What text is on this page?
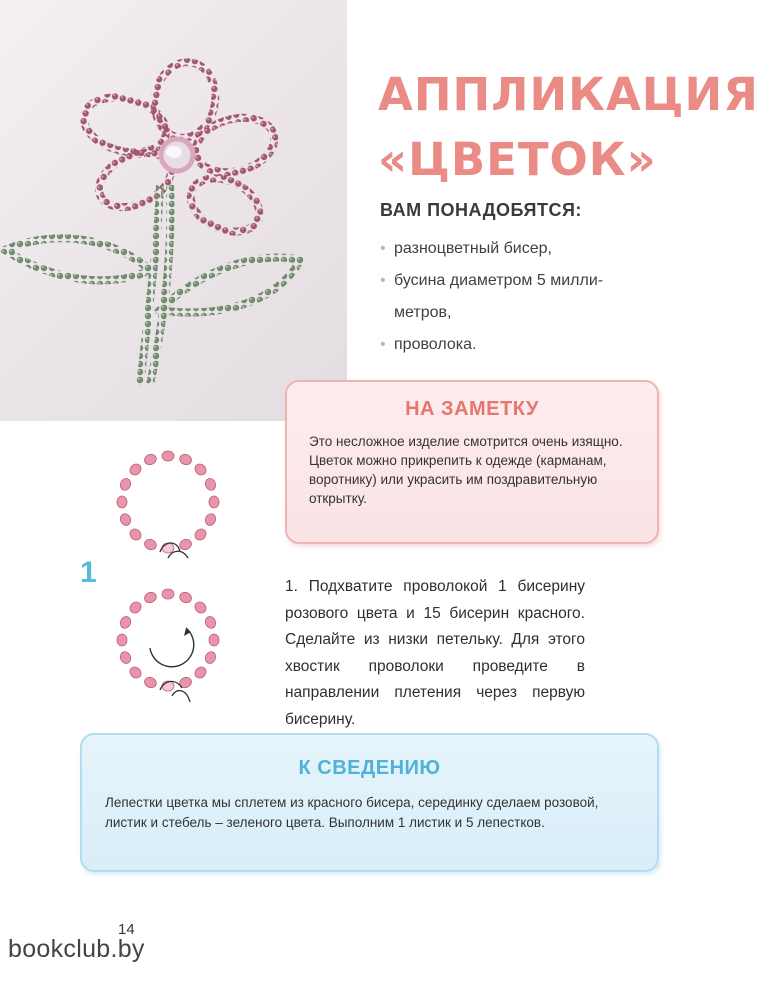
АППЛИКАЦИЯ
«ЦВЕТОК»
ВАМ ПОНАДОБЯТСЯ:
• разноцветный бисер,
• бусина диаметром 5 милли-
метров,
• проволока.
НА ЗАМЕТКУ
Это несложное изделие смотрится очень изящно. Цветок можно прикрепить к одежде (карманам, воротнику) или украсить им поздравительную открытку.
1	1. Подхватите проволокой 1 бисерину розового цвета и 15 бисерин красного. Сделайте из низки петельку. Для этого хвостик проволоки проведите в направлении плетения через первую бисерину.
К СВЕДЕНИЮ
Лепестки цветка мы сплетем из красного бисера, серединку сделаем розовой, листик и стебель – зеленого цвета. Выполним 1 листик и 5 лепестков.
14
bookclub.by
